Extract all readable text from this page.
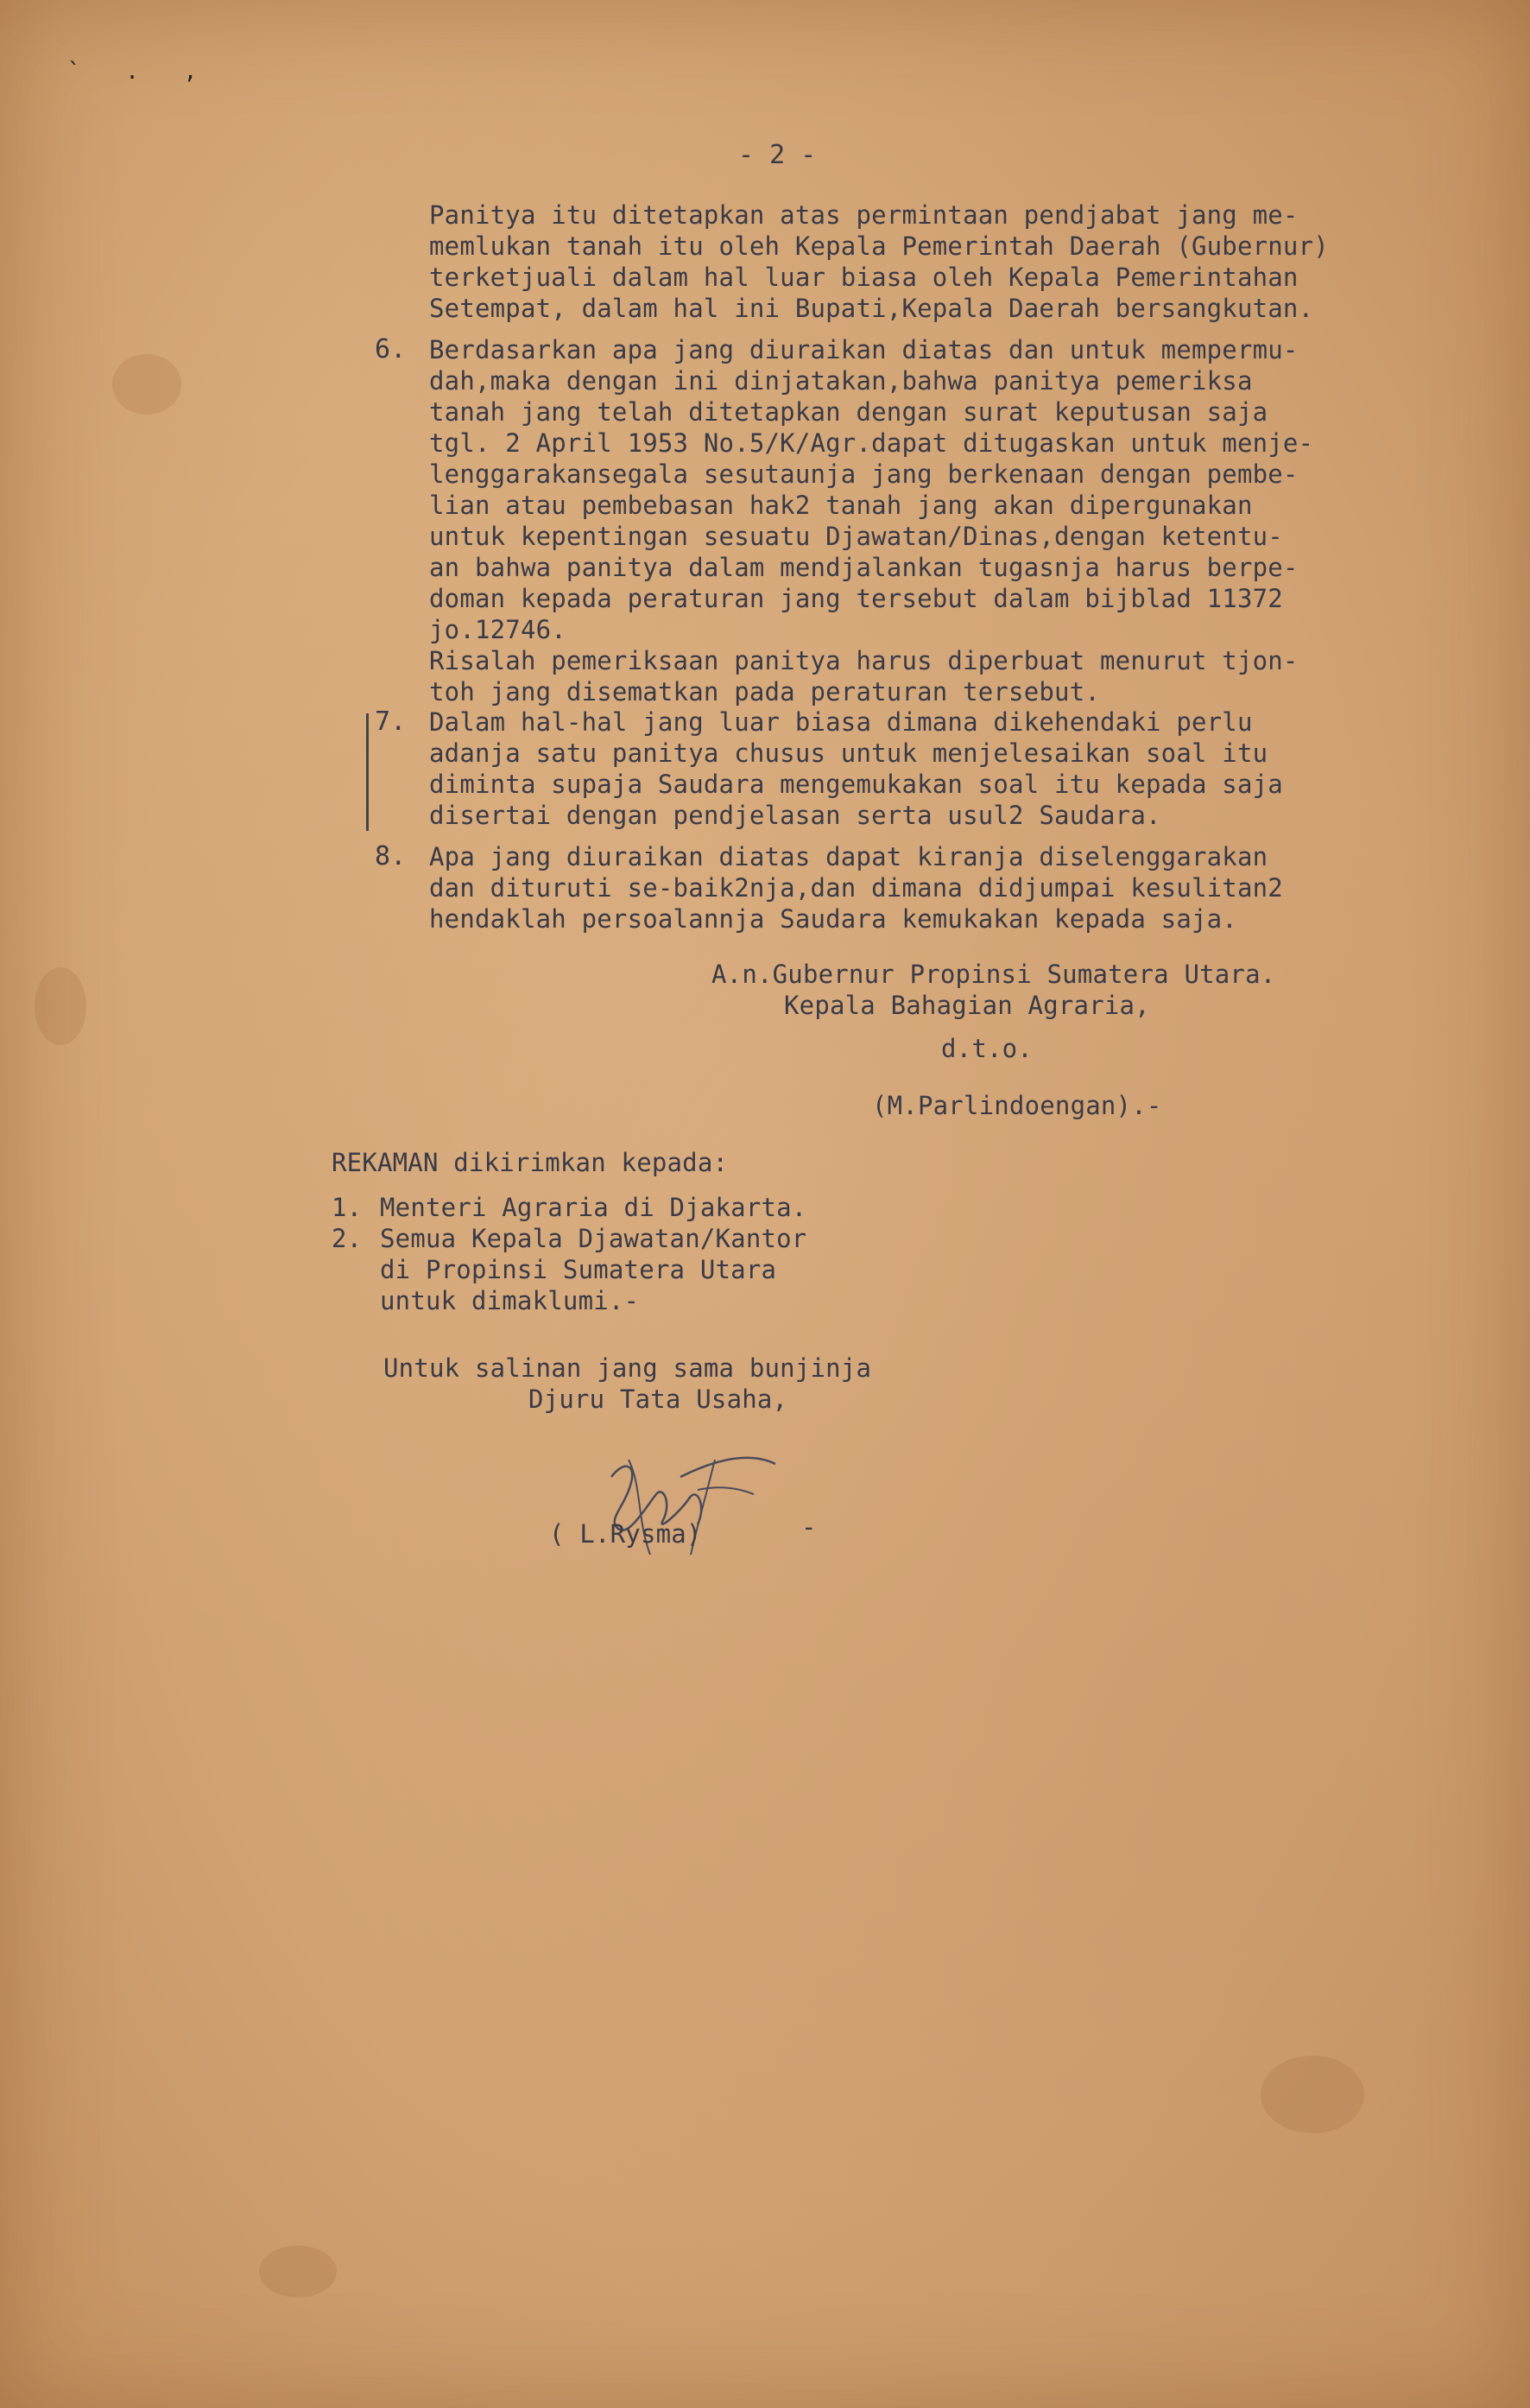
` . ,
- 2 -
Panitya itu ditetapkan atas permintaan pendjabat jang me-
memlukan tanah itu oleh Kepala Pemerintah Daerah (Gubernur)
terketjuali dalam hal luar biasa oleh Kepala Pemerintahan
Setempat, dalam hal ini Bupati,Kepala Daerah bersangkutan.
6. Berdasarkan apa jang diuraikan diatas dan untuk mempermu-
dah,maka dengan ini dinjatakan,bahwa panitya pemeriksa
tanah jang telah ditetapkan dengan surat keputusan saja
tgl. 2 April 1953 No.5/K/Agr.dapat ditugaskan untuk menje-
lenggarakansegala sesutaunja jang berkenaan dengan pembe-
lian atau pembebasan hak2 tanah jang akan dipergunakan
untuk kepentingan sesuatu Djawatan/Dinas,dengan ketentu-
an bahwa panitya dalam mendjalankan tugasnja harus berpe-
doman kepada peraturan jang tersebut dalam bijblad 11372
jo.12746.
Risalah pemeriksaan panitya harus diperbuat menurut tjon-
toh jang disematkan pada peraturan tersebut.
7. Dalam hal-hal jang luar biasa dimana dikehendaki perlu
adanja satu panitya chusus untuk menjelesaikan soal itu
diminta supaja Saudara mengemukakan soal itu kepada saja
disertai dengan pendjelasan serta usul2 Saudara.
8. Apa jang diuraikan diatas dapat kiranja diselenggarakan
dan dituruti se-baik2nja,dan dimana didjumpai kesulitan2
hendaklah persoalannja Saudara kemukakan kepada saja.
A.n.Gubernur Propinsi Sumatera Utara.
Kepala Bahagian Agraria,
d.t.o.
(M.Parlindoengan).-
REKAMAN dikirimkan kepada:
1. Menteri Agraria di Djakarta.
2. Semua Kepala Djawatan/Kantor
di Propinsi Sumatera Utara
untuk dimaklumi.-
Untuk salinan jang sama bunjinja
Djuru Tata Usaha,
( L.Rysma)	-
